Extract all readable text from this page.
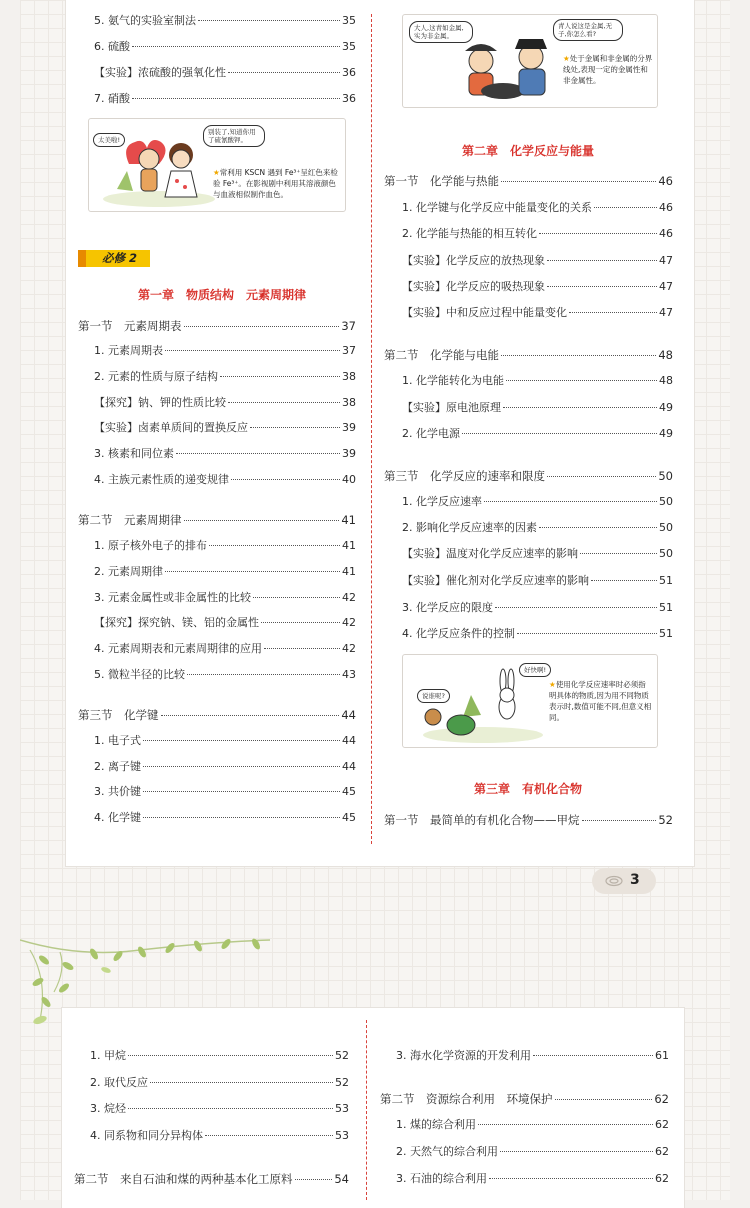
5. 氨气的实验室制法	35
6. 硫酸	35
【实验】浓硫酸的强氧化性	36
7. 硝酸	36
太美啦!
别装了,知道你用了硫氰酸钾。
★常利用 KSCN 遇到 Fe³⁺呈红色来检验 Fe³⁺。在影视剧中利用其溶液颜色与血液相似制作血色。
必修 2
第一章　物质结构　元素周期律
第一节　元素周期表	37
1. 元素周期表	37
2. 元素的性质与原子结构	38
【探究】钠、钾的性质比较	38
【实验】卤素单质间的置换反应	39
3. 核素和同位素	39
4. 主族元素性质的递变规律	40
第二节　元素周期律	41
1. 原子核外电子的排布	41
2. 元素周期律	41
3. 元素金属性或非金属性的比较	42
【探究】探究钠、镁、铝的金属性	42
4. 元素周期表和元素周期律的应用	42
5. 微粒半径的比较	43
第三节　化学键	44
1. 电子式	44
2. 离子键	44
3. 共价键	45
4. 化学键	45
大人,这青如金属,实为非金属。
青人说这是金属,无子,你怎么看?
★处于金属和非金属的分界线处,表现一定的金属性和非金属性。
第二章　化学反应与能量
第一节　化学能与热能	46
1. 化学键与化学反应中能量变化的关系	46
2. 化学能与热能的相互转化	46
【实验】化学反应的放热现象	47
【实验】化学反应的吸热现象	47
【实验】中和反应过程中能量变化	47
第二节　化学能与电能	48
1. 化学能转化为电能	48
【实验】原电池原理	49
2. 化学电源	49
第三节　化学反应的速率和限度	50
1. 化学反应速率	50
2. 影响化学反应速率的因素	50
【实验】温度对化学反应速率的影响	50
【实验】催化剂对化学反应速率的影响	51
3. 化学反应的限度	51
4. 化学反应条件的控制	51
说谁呢?
好快啊!
★使用化学反应速率时必须指明具体的物质,因为用不同物质表示时,数值可能不同,但意义相同。
第三章　有机化合物
第一节　最简单的有机化合物——甲烷	52
3
1. 甲烷	52
2. 取代反应	52
3. 烷烃	53
4. 同系物和同分异构体	53
第二节　来自石油和煤的两种基本化工原料	54
3. 海水化学资源的开发利用	61
第二节　资源综合利用　环境保护	62
1. 煤的综合利用	62
2. 天然气的综合利用	62
3. 石油的综合利用	62
